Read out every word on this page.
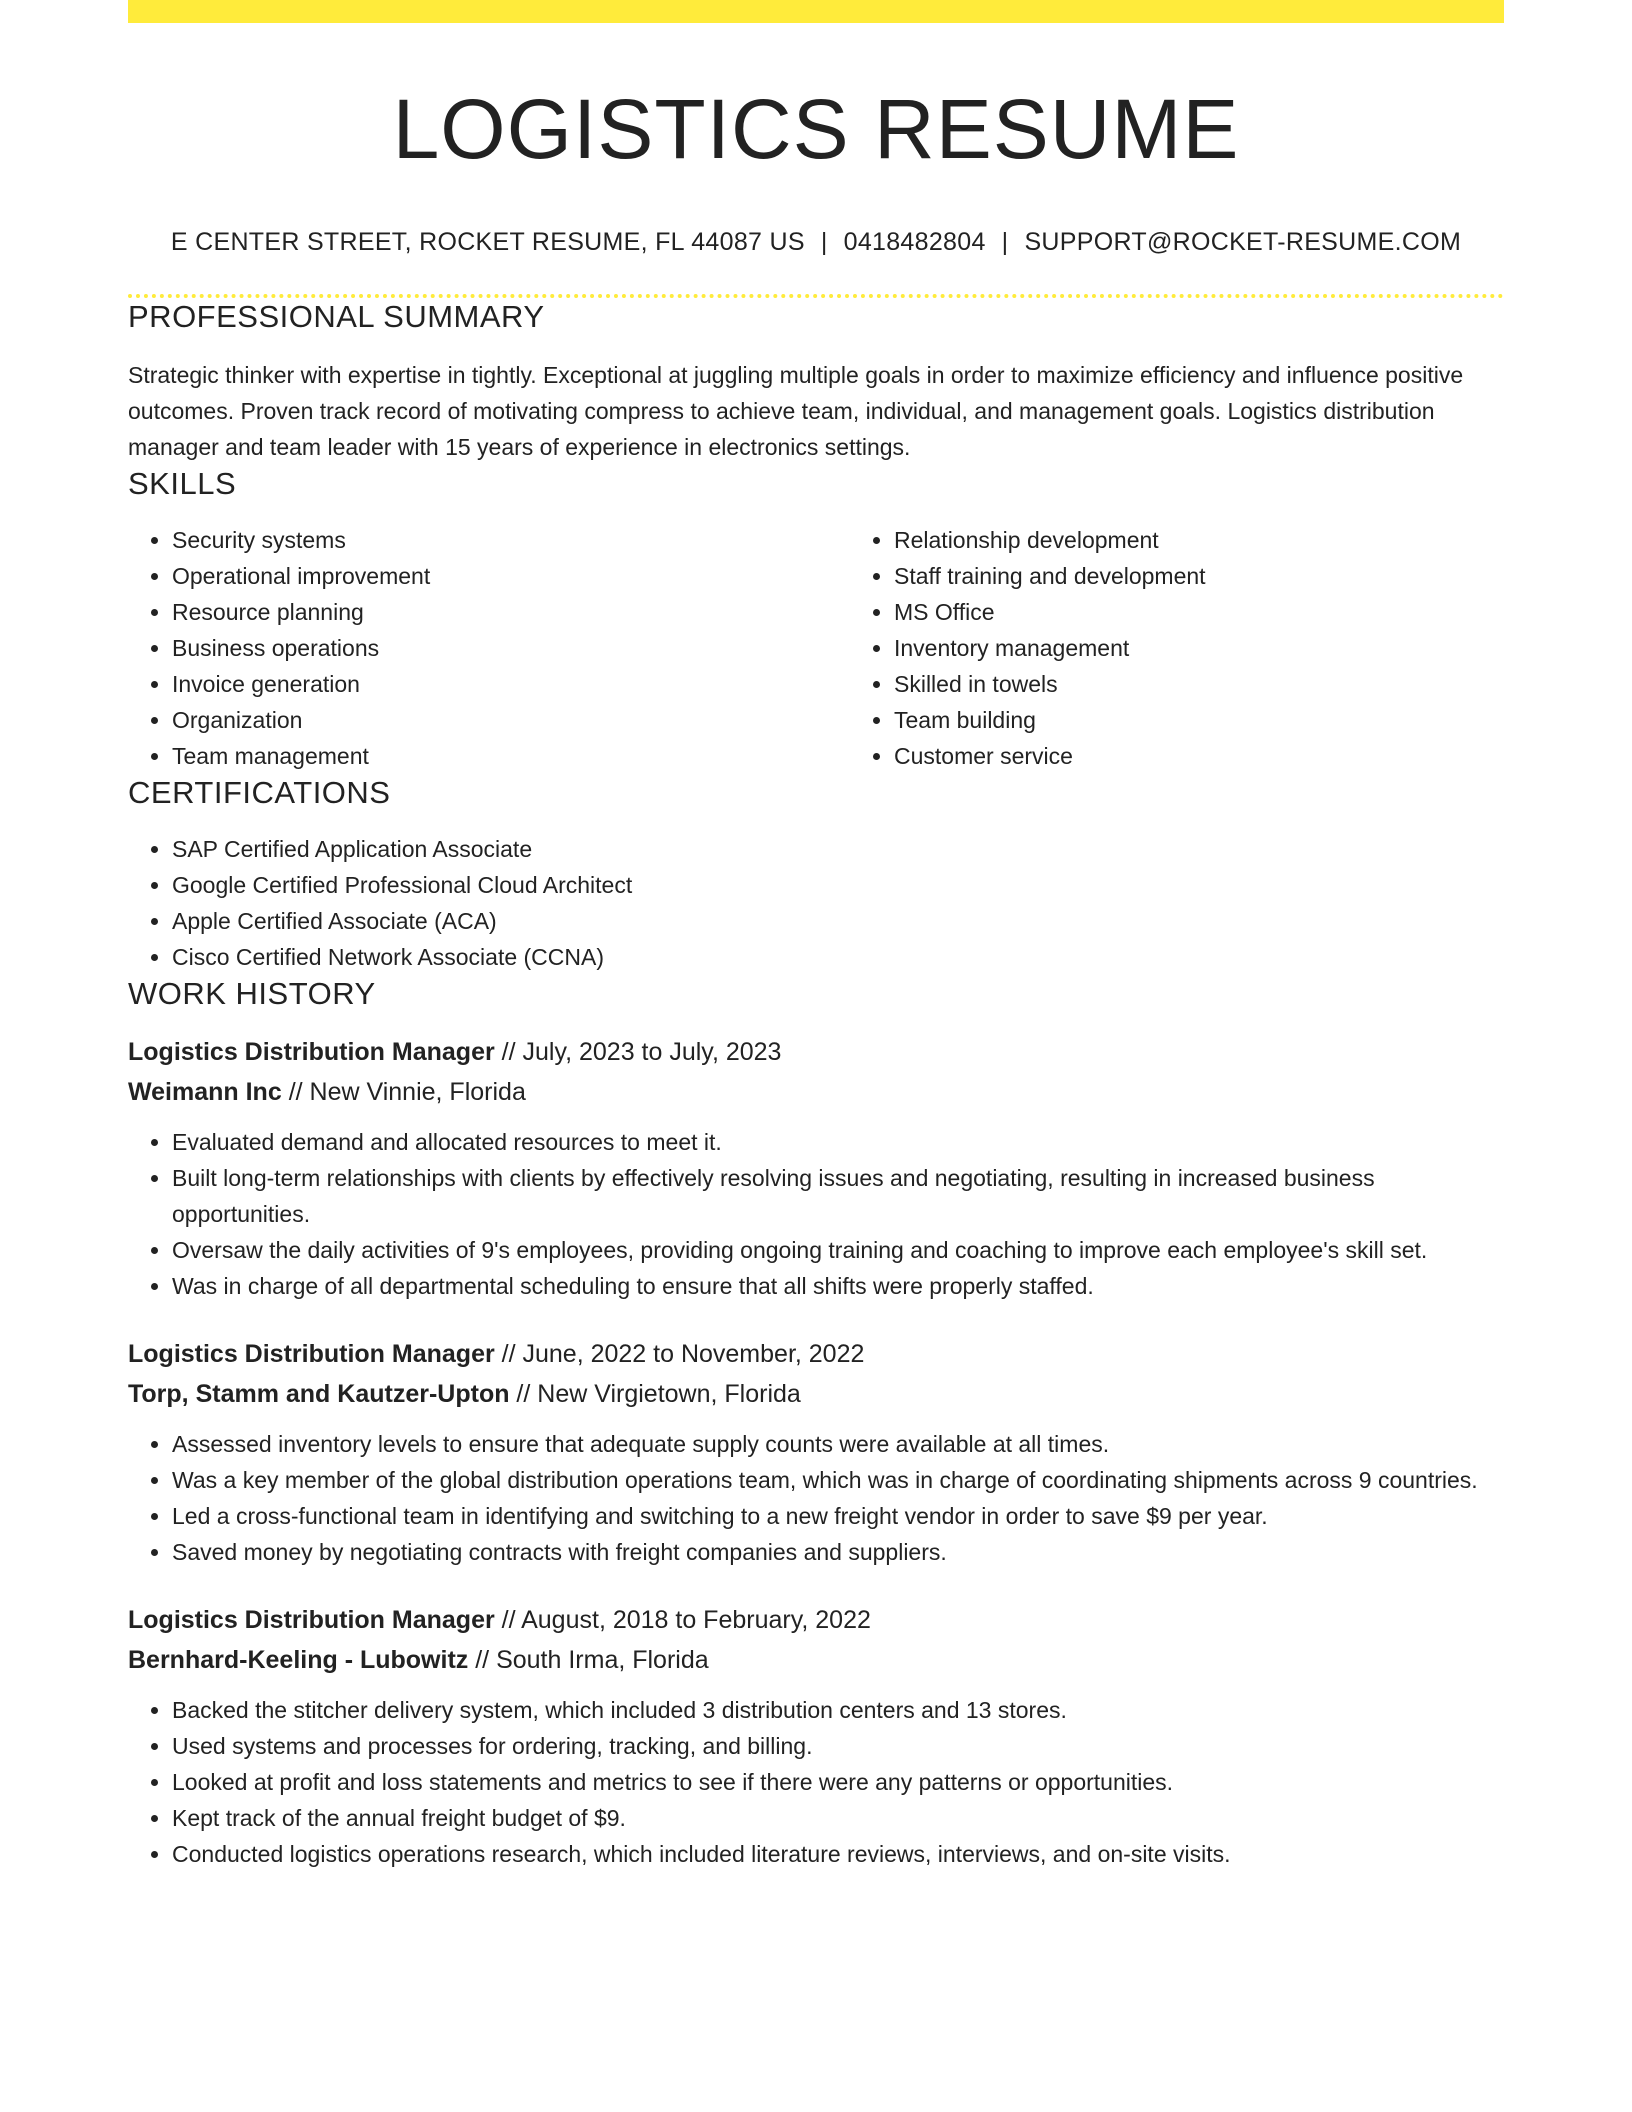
LOGISTICS RESUME
E CENTER STREET, ROCKET RESUME, FL 44087 US | 0418482804 | SUPPORT@ROCKET-RESUME.COM
PROFESSIONAL SUMMARY

Strategic thinker with expertise in tightly. Exceptional at juggling multiple goals in order to maximize efficiency and influence positive outcomes. Proven track record of motivating compress to achieve team, individual, and management goals. Logistics distribution manager and team leader with 15 years of experience in electronics settings.

SKILLS
• Security systems
• Operational improvement
• Resource planning
• Business operations
• Invoice generation
• Organization
• Team management
• Relationship development
• Staff training and development
• MS Office
• Inventory management
• Skilled in towels
• Team building
• Customer service
CERTIFICATIONS
• SAP Certified Application Associate
• Google Certified Professional Cloud Architect
• Apple Certified Associate (ACA)
• Cisco Certified Network Associate (CCNA)
WORK HISTORY
Logistics Distribution Manager // July, 2023 to July, 2023
Weimann Inc // New Vinnie, Florida
• Evaluated demand and allocated resources to meet it.
• Built long-term relationships with clients by effectively resolving issues and negotiating, resulting in increased business opportunities.
• Oversaw the daily activities of 9's employees, providing ongoing training and coaching to improve each employee's skill set.
• Was in charge of all departmental scheduling to ensure that all shifts were properly staffed.
Logistics Distribution Manager // June, 2022 to November, 2022
Torp, Stamm and Kautzer-Upton // New Virgietown, Florida
• Assessed inventory levels to ensure that adequate supply counts were available at all times.
• Was a key member of the global distribution operations team, which was in charge of coordinating shipments across 9 countries.
• Led a cross-functional team in identifying and switching to a new freight vendor in order to save $9 per year.
• Saved money by negotiating contracts with freight companies and suppliers.
Logistics Distribution Manager // August, 2018 to February, 2022
Bernhard-Keeling - Lubowitz // South Irma, Florida
• Backed the stitcher delivery system, which included 3 distribution centers and 13 stores.
• Used systems and processes for ordering, tracking, and billing.
• Looked at profit and loss statements and metrics to see if there were any patterns or opportunities.
• Kept track of the annual freight budget of $9.
• Conducted logistics operations research, which included literature reviews, interviews, and on-site visits.
